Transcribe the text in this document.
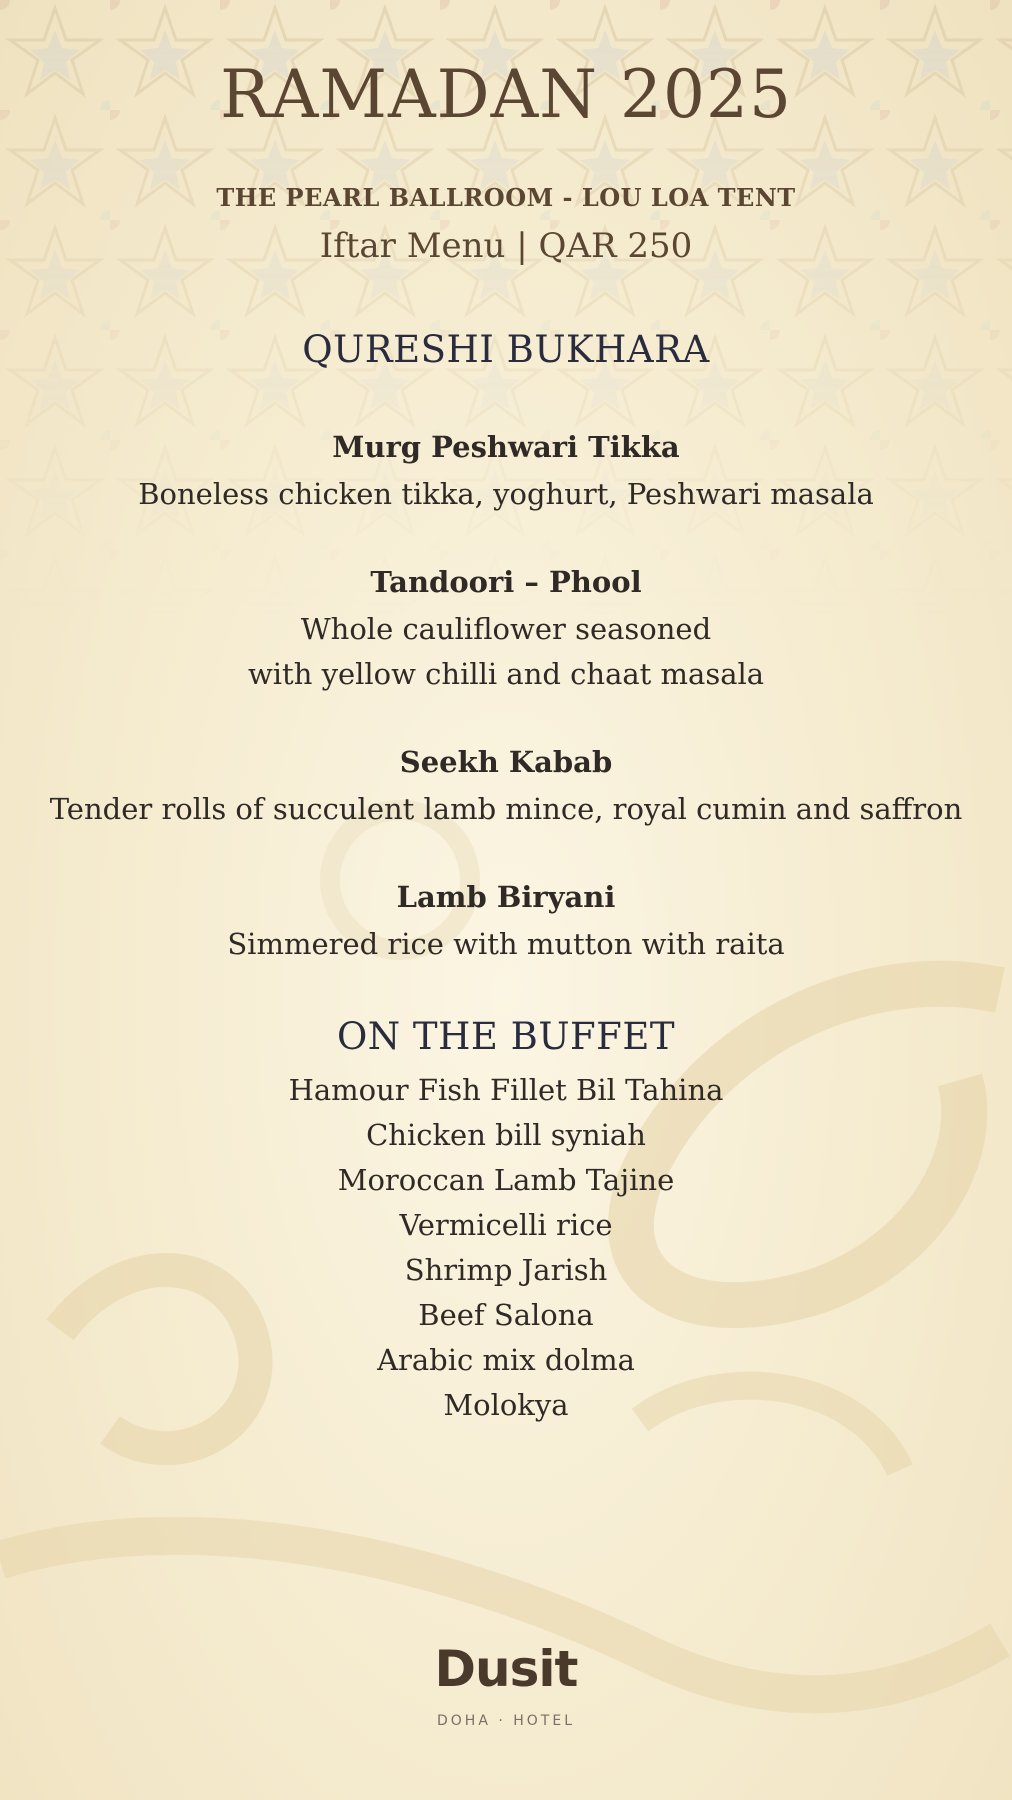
RAMADAN 2025
THE PEARL BALLROOM - LOU LOA TENT
Iftar Menu | QAR 250
QURESHI BUKHARA
Murg Peshwari Tikka
Boneless chicken tikka, yoghurt, Peshwari masala
Tandoori – Phool
Whole cauliflower seasoned
with yellow chilli and chaat masala
Seekh Kabab
Tender rolls of succulent lamb mince, royal cumin and saffron
Lamb Biryani
Simmered rice with mutton with raita
ON THE BUFFET
Hamour Fish Fillet Bil Tahina
Chicken bill syniah
Moroccan Lamb Tajine
Vermicelli rice
Shrimp Jarish
Beef Salona
Arabic mix dolma
Molokya
Dusit
DOHA · HOTEL
